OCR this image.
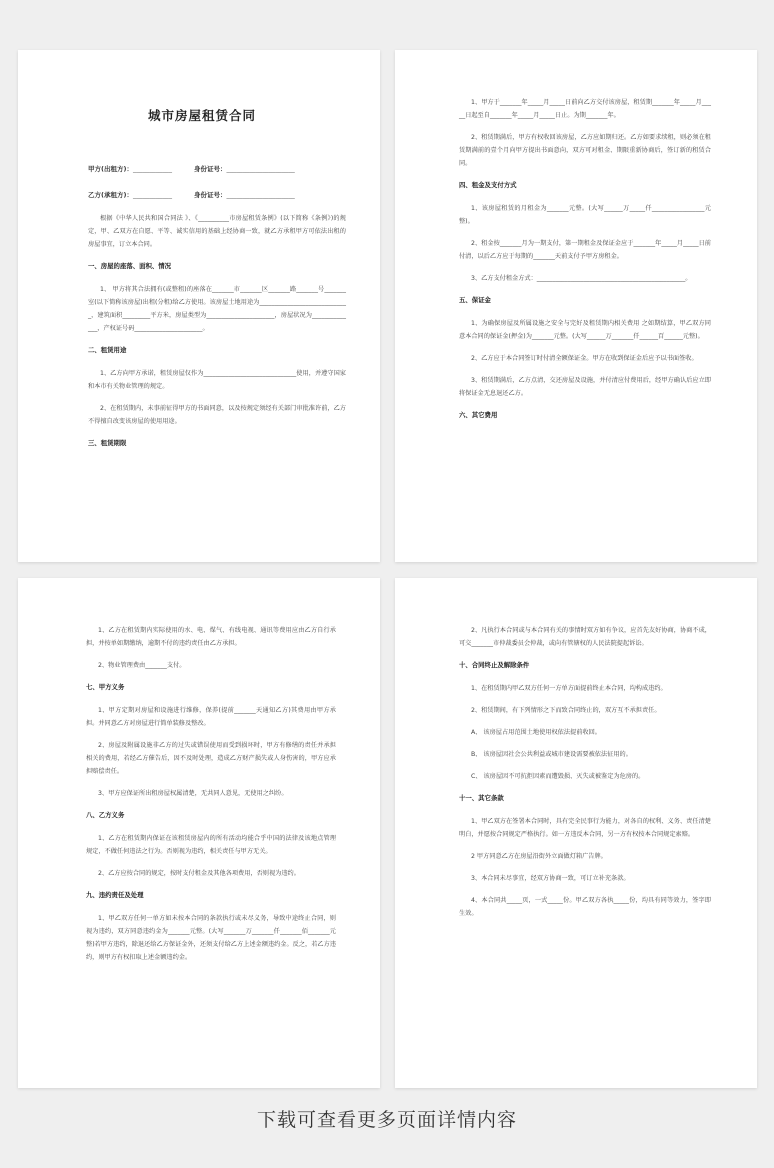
城市房屋租赁合同
甲方(出租方)：____________	身份证号：_____________________
乙方(承租方)：____________	身份证号：_____________________

根据《中华人民共和国合同法 》、《__________市房屋租赁条例》(以下简称《条例》)的规定，甲、乙双方在自愿、平等、诚实信用的基础上经协商一致，就乙方承租甲方可依法出租的房屋事宜，订立本合同。

一、房屋的座落、面积、情况

1、 甲方将其合法拥有(或整租)的座落在_______市_______区_______路_______号_______室(以下简称该房屋)出租(分租)给乙方使用。该房屋土地用途为_____________________________，建筑面积_________平方米，房屋类型为______________________，房屋状况为______________，产权证号码______________________。

二、租赁用途

1、乙方向甲方承诺，租赁房屋仅作为______________________________使用，并遵守国家和本市有关物业管理的规定。

2、在租赁期内，未事前征得甲方的书面同意，以及按规定须经有关部门审批准许前，乙方不得擅自改变该房屋的使用用途。

三、租赁期限

1、甲方于_______年_____月_____日前向乙方交付该房屋，租赁期_______年_____月_____日起至自_______年_____月_____日止。为期_______年。

2、租赁期满后，甲方有权收回该房屋，乙方应如期归还。乙方如要求续租，则必须在租赁期满前的壹个月向甲方提出书面意向，双方可对租金、期限重新协商后，签订新的租赁合同。

四、租金及支付方式

1、该房屋租赁的月租金为_______元整。(大写______万_____仟_________________元整)。

2、租金按_______月为一期支付，第一期租金及保证金应于_______年_____月_____日前付清，以后乙方应于每期的_______天前支付予甲方房租金。

3、乙方支付租金方式：________________________________________________。

五、保证金

1、为确保房屋及所属设施之安全与完好及租赁期内相关费用 之如期结算，甲乙双方同意本合同的保证金(押金)为_______元整。(大写______万_______仟______百______元整)。

2、乙方应于本合同签订时付清全额保证金。甲方在收到保证金后应予以书面签收。

3、租赁期满后，乙方点清，交还房屋及设施，并付清应付费用后，经甲方确认后应立即将保证金无息退还乙方。

六、其它费用

1、乙方在租赁期内实际使用的水、电、煤气、有线电视、通讯等费用应由乙方自行承担，并按单如期缴纳，逾期不付的违约责任由乙方承担。

2、物业管理费由_______支付。

七、甲方义务

1、甲方定期对房屋和设施进行维修，保养(提前_______天通知乙方)其费用由甲方承担。并同意乙方对房屋进行简单装修及整改。

2、房屋及附属设施非乙方的过失或错误使用而受到损坏时，甲方有修缮的责任并承担相关的费用，若经乙方催告后，因不及时处理，造成乙方财产损失或人身伤害的，甲方应承担赔偿责任。

3、甲方应保证所出租房屋权属清楚，无共同人意见，无使用之纠纷。

八、乙方义务

1、乙方在租赁期内保证在该租赁房屋内的所有活动均能合乎中国的法律及该地点管理规定，不做任何违法之行为。否则视为违约，相关责任与甲方无关。

2、乙方应按合同的规定，按时支付租金及其他各项费用，否则视为违约。

九、违约责任及处理

1、甲乙双方任何一单方如未按本合同的条款执行或未尽义务，导致中途终止合同，则视为违约，双方同意违约金为_______元整。(大写_______万_______仟_______佰_______元整)若甲方违约，除退还给乙方保证金外，还须支付给乙方上述金额违约金。反之，若乙方违约，则甲方有权扣取上述金额违约金。

2、凡执行本合同或与本合同有关的事情时双方如有争议，应首先友好协商，协商不成，可交_______市仲裁委员会仲裁，或向有管辖权的人民法院提起诉讼。

十、合同终止及解除条件

1、在租赁期内甲乙双方任何一方单方面提前终止本合同，均构成违约。

2、租赁期间，有下列情形之下而致合同终止的，双方互不承担责任。

A、 该房屋占用范围土地使用权依法提前收回。

B、 该房屋因社会公共利益或城市建设需要被依法征用的。

C、 该房屋因不可抗拒因素而遭毁损、灭失或被鉴定为危房的。

十一、其它条款

1、甲乙双方在签署本合同时，具有完全民事行为能力，对各自的权利、义务、责任清楚明白，并愿按合同规定严格执行。如一方违反本合同，另一方有权按本合同规定索赔。

2 甲方同意乙方在房屋沿街外立面做灯箱广告牌。

3、本合同未尽事宜，经双方协商一致，可订立补充条款。

4、本合同共_____页，一式_____份。甲乙双方各执_____份，均具有同等效力，签字即生效。

下载可查看更多页面详情内容
